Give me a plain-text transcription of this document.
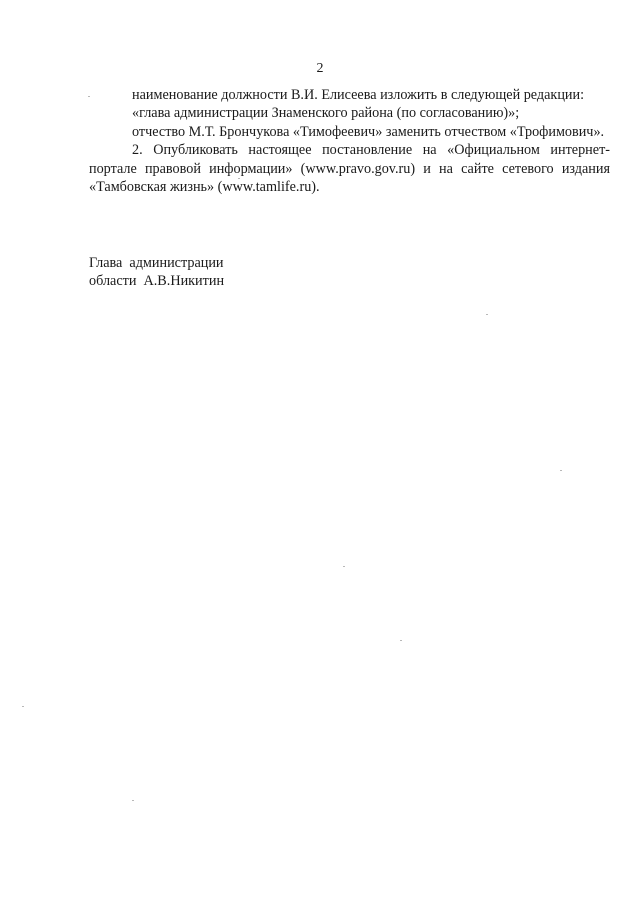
2

наименование должности В.И. Елисеева изложить в следующей редакции:

«глава администрации Знаменского района (по согласованию)»;

отчество М.Т. Брончукова «Тимофеевич» заменить отчеством «Трофимович».

2. Опубликовать настоящее постановление на «Официальном интернет-портале правовой информации» (www.pravo.gov.ru) и на сайте сетевого издания «Тамбовская жизнь» (www.tamlife.ru).

Глава  администрации
области  А.В.Никитин
